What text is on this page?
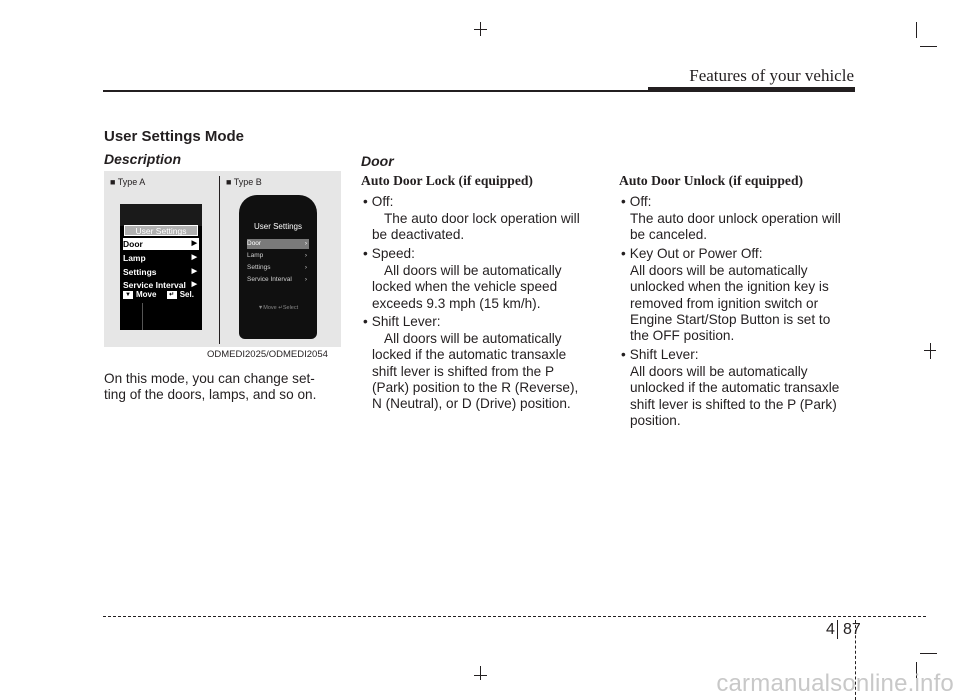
Features of your vehicle
User Settings Mode
Description
■ Type A	■ Type B
User Settings
Door	▶
Lamp	▶
Settings	▶
Service Interval ▶
▼ Move ↵ Sel.
User Settings
Door	›
Lamp	›
Settings	›
Service Interval ›
▼Move ↵Select
ODMEDI2025/ODMEDI2054
On this mode, you can change set-
ting of the doors, lamps, and so on.
Door
Auto Door Lock (if equipped)
• Off:
The auto door lock operation will
be deactivated.
• Speed:
All doors will be automatically
locked when the vehicle speed
exceeds 9.3 mph (15 km/h).
• Shift Lever:
All doors will be automatically
locked if the automatic transaxle
shift lever is shifted from the P
(Park) position to the R (Reverse),
N (Neutral), or D (Drive) position.
Auto Door Unlock (if equipped)
• Off:
The auto door unlock operation will
be canceled.
• Key Out or Power Off:
All doors will be automatically
unlocked when the ignition key is
removed from ignition switch or
Engine Start/Stop Button is set to
the OFF position.
• Shift Lever:
All doors will be automatically
unlocked if the automatic transaxle
shift lever is shifted to the P (Park)
position.
4 87
carmanualsonline.info
